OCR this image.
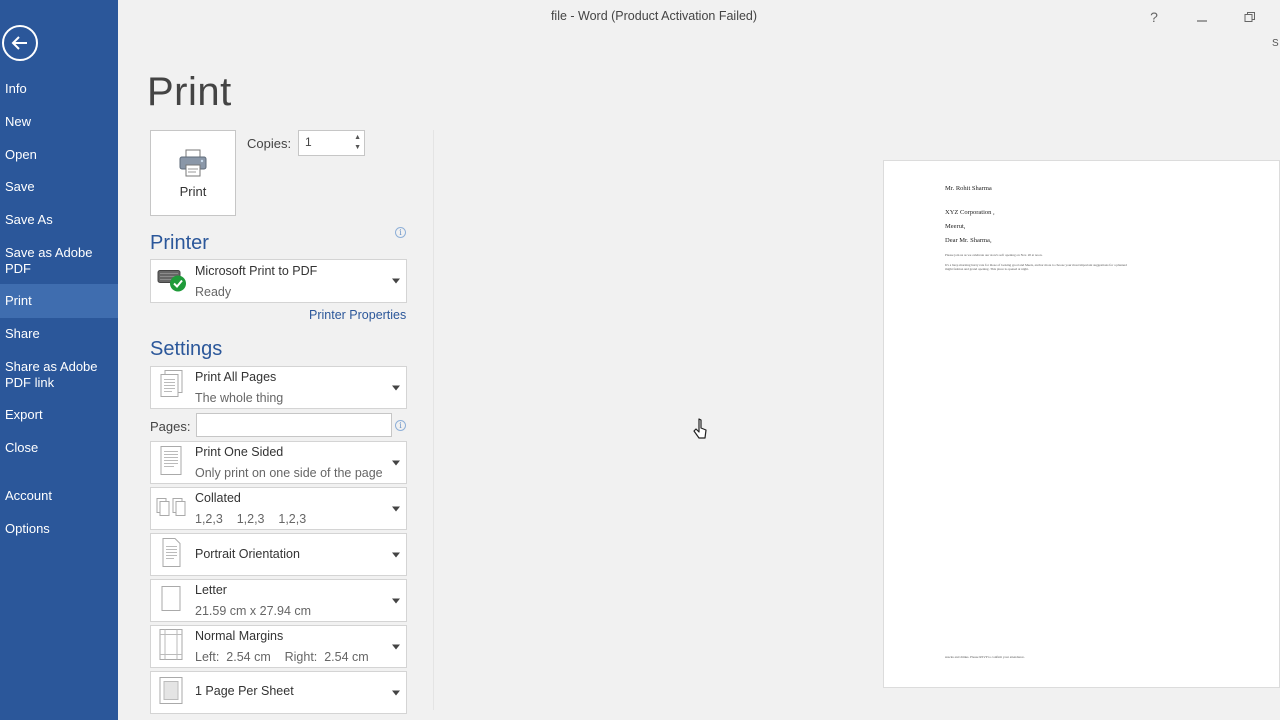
Info
New
Open
Save
Save As
Save as Adobe PDF
Print
Share
Share as Adobe PDF link
Export
Close
Account
Options
file - Word (Product Activation Failed)	?
S
Print
Print
Copies:	1	▲
▼
Printer	i
Microsoft Print to PDF
Ready
Printer Properties
Settings
Print All Pages
The whole thing
Pages:	i
Print One Sided
Only print on one side of the page
Collated
1,2,3    1,2,3    1,2,3
Portrait Orientation
Letter
21.59 cm x 27.94 cm
Normal Margins
Left:  2.54 cm    Right:  2.54 cm
1 Page Per Sheet
Mr. Rohit Sharma
XYZ Corporation ,
Meerut,
Dear Mr. Sharma,
Please join us as we celebrate our store's soft opening on Nov. 20 at noon.
It's a busy-morning hurry rate for those of looking good and Meets, anchor more to choose your most important suggestions for a planned might fashion and grand opening. This place is opened at night.
snacks and drinks. Please RSVP to confirm your attendance.
